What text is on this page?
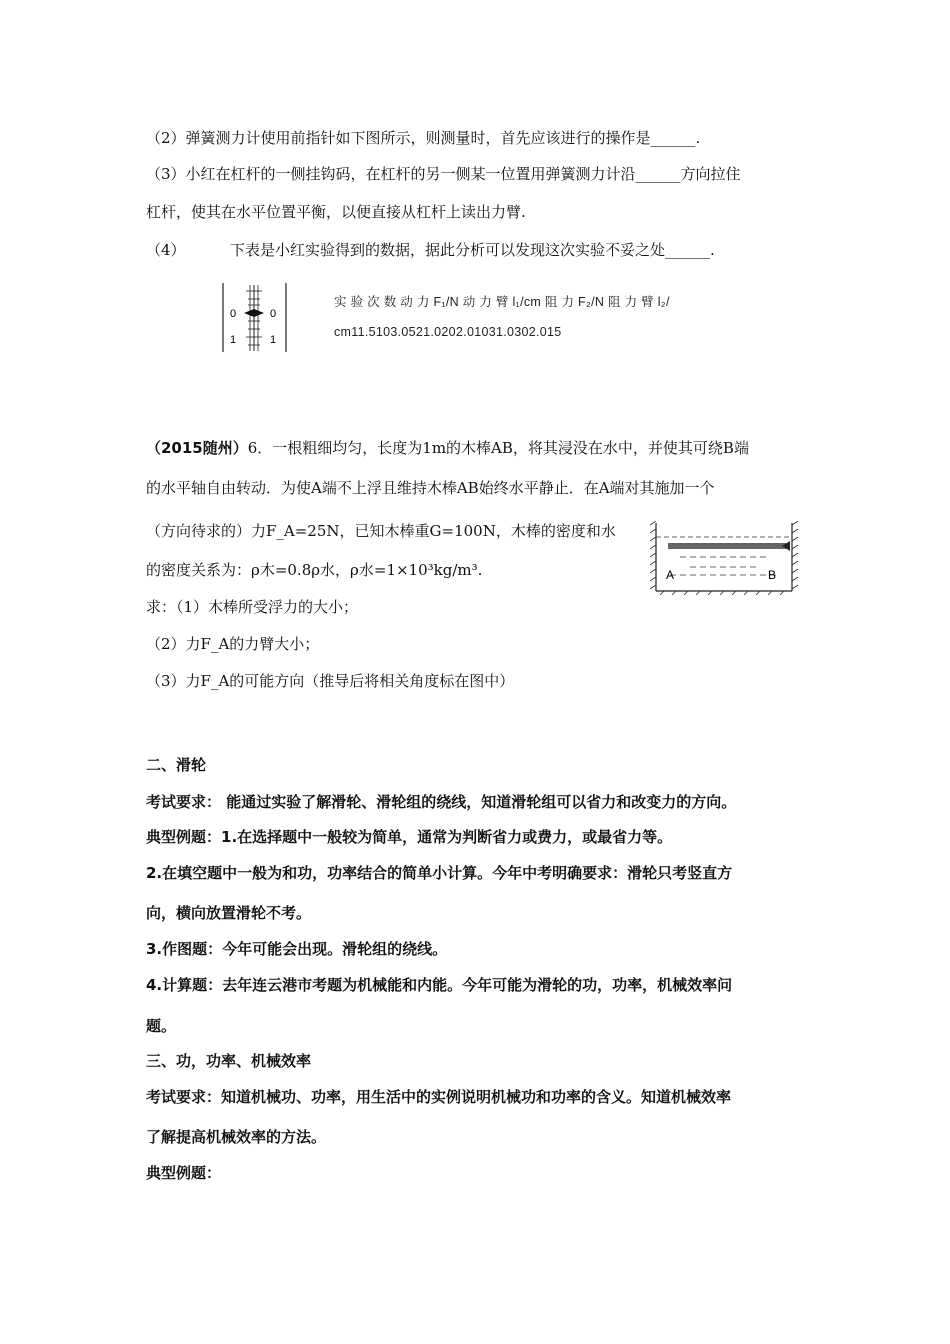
（2）弹簧测力计使用前指针如下图所示，则测量时，首先应该进行的操作是______.
（3）小红在杠杆的一侧挂钩码，在杠杆的另一侧某一位置用弹簧测力计沿______方向拉住
杠杆，使其在水平位置平衡，以便直接从杠杆上读出力臂.
（4）	下表是小红实验得到的数据，据此分析可以发现这次实验不妥之处______.
0
1
0
1
实 验 次 数 动 力 F₁/N 动 力 臂 l₁/cm 阻 力 F₂/N 阻 力 臂 l₂/
cm11.5103.0521.0202.01031.0302.015
（2015随州）6．一根粗细均匀，长度为1m的木棒AB，将其浸没在水中，并使其可绕B端
的水平轴自由转动．为使A端不上浮且维持木棒AB始终水平静止．在A端对其施加一个
（方向待求的）力F_A=25N，已知木棒重G=100N，木棒的密度和水
的密度关系为：ρ木=0.8ρ水，ρ水=1×10³kg/m³.
求：（1）木棒所受浮力的大小；
（2）力F_A的力臂大小；
（3）力F_A的可能方向（推导后将相关角度标在图中）
A	B
二、滑轮
考试要求： 能通过实验了解滑轮、滑轮组的绕线，知道滑轮组可以省力和改变力的方向。
典型例题：1.在选择题中一般较为简单，通常为判断省力或费力，或最省力等。
2.在填空题中一般为和功，功率结合的简单小计算。今年中考明确要求：滑轮只考竖直方
向，横向放置滑轮不考。
3.作图题：今年可能会出现。滑轮组的绕线。
4.计算题：去年连云港市考题为机械能和内能。今年可能为滑轮的功，功率，机械效率问
题。
三、功，功率、机械效率
考试要求：知道机械功、功率，用生活中的实例说明机械功和功率的含义。知道机械效率
了解提高机械效率的方法。
典型例题：
